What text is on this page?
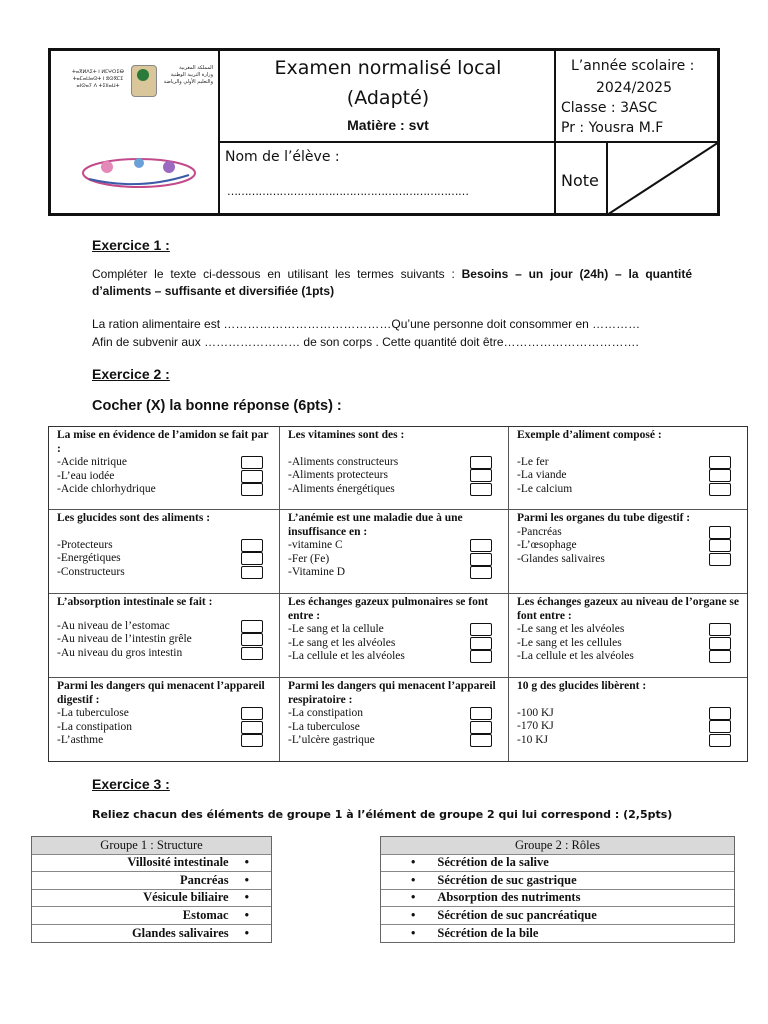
ⵜⴰⴳⵍⴷⵉⵜ ⵏ ⵍⵎⵖⵔⵉⴱ
ⵜⴰⵎⴰⵡⴰⵙⵜ ⵏ ⵓⵙⴳⵎⵉ
ⴰⵏⵙⴰⵢ ⴷ ⵜⵉⵏⵏⴰⵡⵜ
المملكة المغربية
وزارة التربية الوطنية
والتعليم الأولي والرياضة
Examen normalisé local
(Adapté)
Matière : svt
L’année scolaire :
2024/2025
Classe : 3ASC
Pr : Yousra M.F
Nom de l’élève :
……………………………………………………………
Note
Exercice 1 :
Compléter le texte ci-dessous en utilisant les termes suivants : Besoins – un jour (24h) – la quantité d’aliments – suffisante et diversifiée (1pts)
La ration alimentaire est ……………………………………Qu’une personne doit consommer en …………
Afin de subvenir aux …………………… de son corps . Cette quantité doit être…………………………….
Exercice 2 :
Cocher (X) la bonne réponse (6pts) :
La mise en évidence de l’amidon se fait par :
-Acide nitrique
-L’eau iodée
-Acide chlorhydrique
Les vitamines sont des :
-Aliments constructeurs
-Aliments protecteurs
-Aliments énergétiques
Exemple d’aliment composé :
-Le fer
-La viande
-Le calcium
Les glucides sont des aliments :
-Protecteurs
-Energétiques
-Constructeurs
L’anémie est une maladie due à une insuffisance en :
-vitamine C
-Fer (Fe)
-Vitamine D
Parmi les organes du tube digestif :
-Pancréas
-L’œsophage
-Glandes salivaires
L’absorption intestinale se fait :
-Au niveau de l’estomac
-Au niveau de l’intestin grêle
-Au niveau du gros intestin
Les échanges gazeux pulmonaires se font entre :
-Le sang et la cellule
-Le sang et les alvéoles
-La cellule et les alvéoles
Les échanges gazeux au niveau de l’organe se font entre :
-Le sang et les alvéoles
-Le sang et les cellules
-La cellule et les alvéoles
Parmi les dangers qui menacent l’appareil digestif :
-La tuberculose
-La constipation
-L’asthme
Parmi les dangers qui menacent l’appareil respiratoire :
-La constipation
-La tuberculose
-L’ulcère gastrique
10 g des glucides libèrent :
-100 KJ
-170 KJ
-10 KJ
Exercice 3 :
Reliez chacun des éléments de groupe 1 à l’élément de groupe 2 qui lui correspond : (2,5pts)
Groupe 1 : Structure
Villosité intestinale •
Pancréas •
Vésicule biliaire •
Estomac •
Glandes salivaires •
Groupe 2 : Rôles
• Sécrétion de la salive
• Sécrétion de suc gastrique
• Absorption des nutriments
• Sécrétion de suc pancréatique
• Sécrétion de la bile
